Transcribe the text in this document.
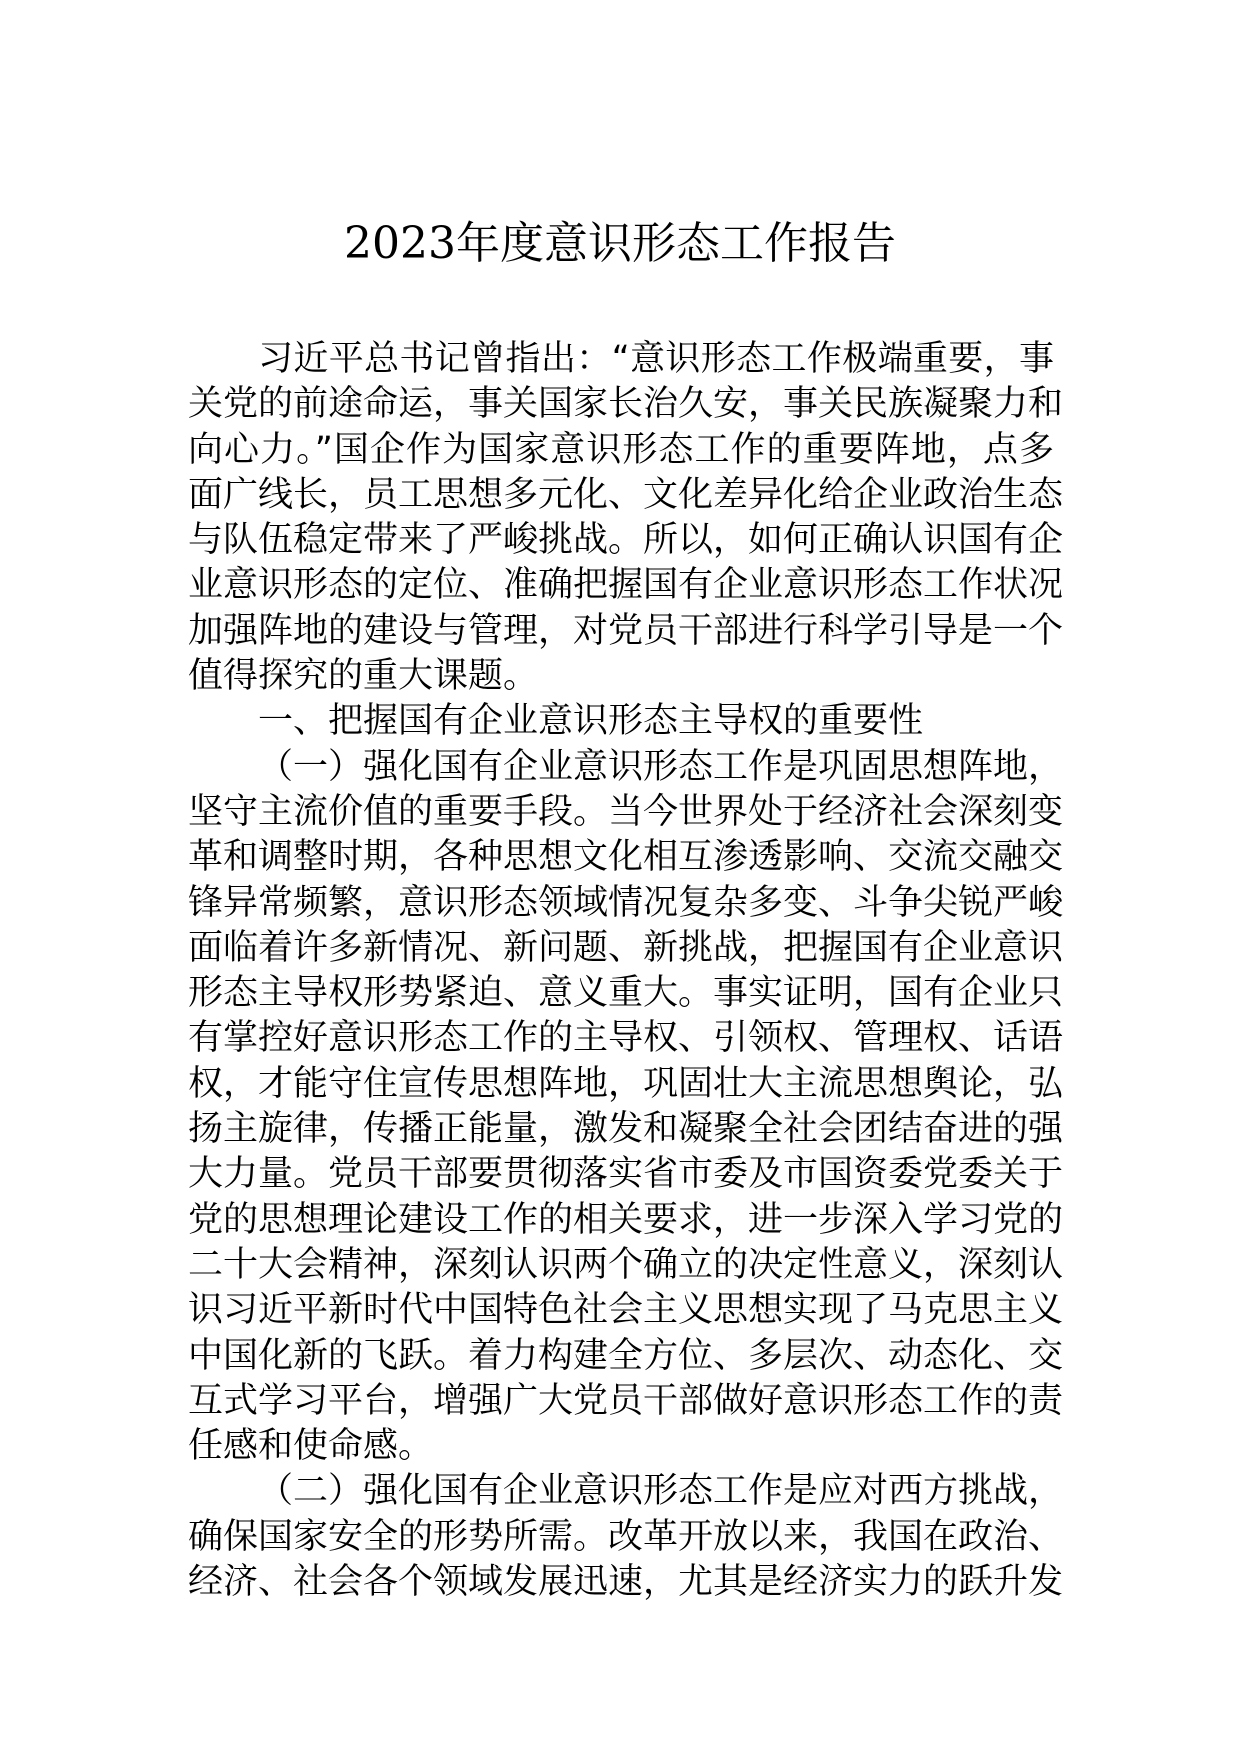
2023年度意识形态工作报告
习近平总书记曾指出：“意识形态工作极端重要，事
关党的前途命运，事关国家长治久安，事关民族凝聚力和
向心力。”国企作为国家意识形态工作的重要阵地，点多
面广线长，员工思想多元化、文化差异化给企业政治生态
与队伍稳定带来了严峻挑战。所以，如何正确认识国有企
业意识形态的定位、准确把握国有企业意识形态工作状况
加强阵地的建设与管理，对党员干部进行科学引导是一个
值得探究的重大课题。
一、把握国有企业意识形态主导权的重要性
（一）强化国有企业意识形态工作是巩固思想阵地，
坚守主流价值的重要手段。当今世界处于经济社会深刻变
革和调整时期，各种思想文化相互渗透影响、交流交融交
锋异常频繁，意识形态领域情况复杂多变、斗争尖锐严峻
面临着许多新情况、新问题、新挑战，把握国有企业意识
形态主导权形势紧迫、意义重大。事实证明，国有企业只
有掌控好意识形态工作的主导权、引领权、管理权、话语
权，才能守住宣传思想阵地，巩固壮大主流思想舆论，弘
扬主旋律，传播正能量，激发和凝聚全社会团结奋进的强
大力量。党员干部要贯彻落实省市委及市国资委党委关于
党的思想理论建设工作的相关要求，进一步深入学习党的
二十大会精神，深刻认识两个确立的决定性意义，深刻认
识习近平新时代中国特色社会主义思想实现了马克思主义
中国化新的飞跃。着力构建全方位、多层次、动态化、交
互式学习平台，增强广大党员干部做好意识形态工作的责
任感和使命感。
（二）强化国有企业意识形态工作是应对西方挑战，
确保国家安全的形势所需。改革开放以来，我国在政治、
经济、社会各个领域发展迅速，尤其是经济实力的跃升发
